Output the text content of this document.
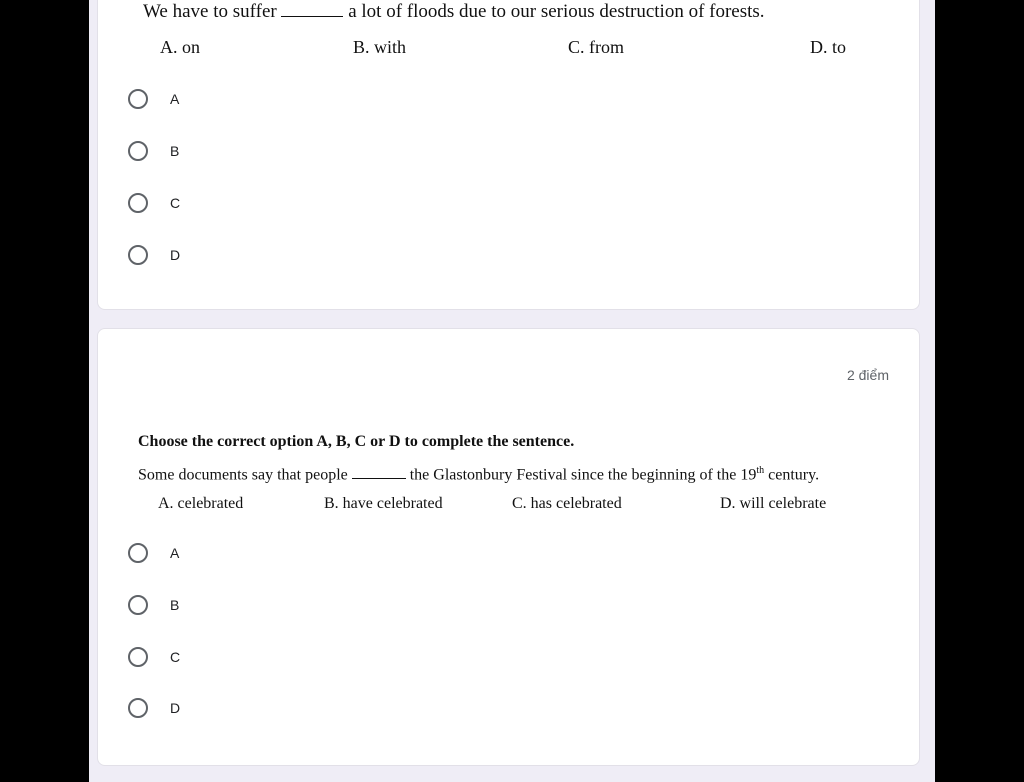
We have to suffer	a lot of floods due to our serious destruction of forests.
A. on	B. with	C. from	D. to
A
B
C
D
2 điểm
Choose the correct option A, B, C or D to complete the sentence.
Some documents say that people	the Glastonbury Festival since the beginning of the 19th century.
A. celebrated	B. have celebrated	C. has celebrated	D. will celebrate
A
B
C
D
